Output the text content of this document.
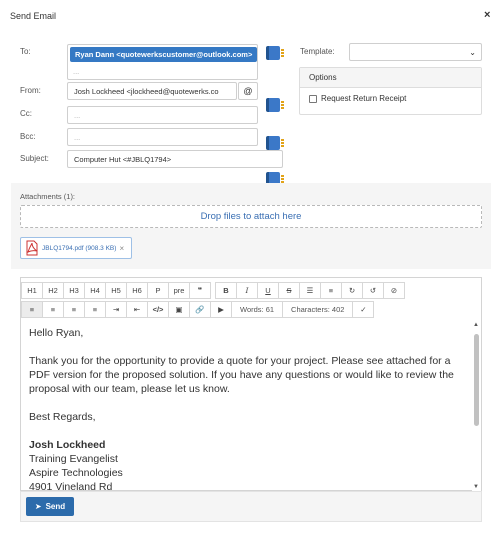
Send Email	×
To:	Ryan Dann <quotewerkscustomer@outlook.com>
...
From:	Josh Lockheed <jlockheed@quotewerks.co	@
Cc:	...
Bcc:	...
Subject:	Computer Hut <#JBLQ1794>
Template:	⌄
Options
Request Return Receipt
Attachments (1):
Drop files to attach here
JBLQ1794.pdf (908.3 KB) ×
H1	H2	H3	H4	H5	H6	P	pre	❞	B	I	U	S	☰	≡	↻	↺	⊘
≡	≡	≡	≡	⇥	⇤	</>	▣	🔗	▶	Words: 61	Characters: 402	✓

Hello Ryan,

Thank you for the opportunity to provide a quote for your project. Please see attached for a PDF version for the proposed solution. If you have any questions or would like to review the proposal with our team, please let us know.

Best Regards,

Josh Lockheed
Training Evangelist
Aspire Technologies
4901 Vineland Rd
▲
▼
➤ Send
